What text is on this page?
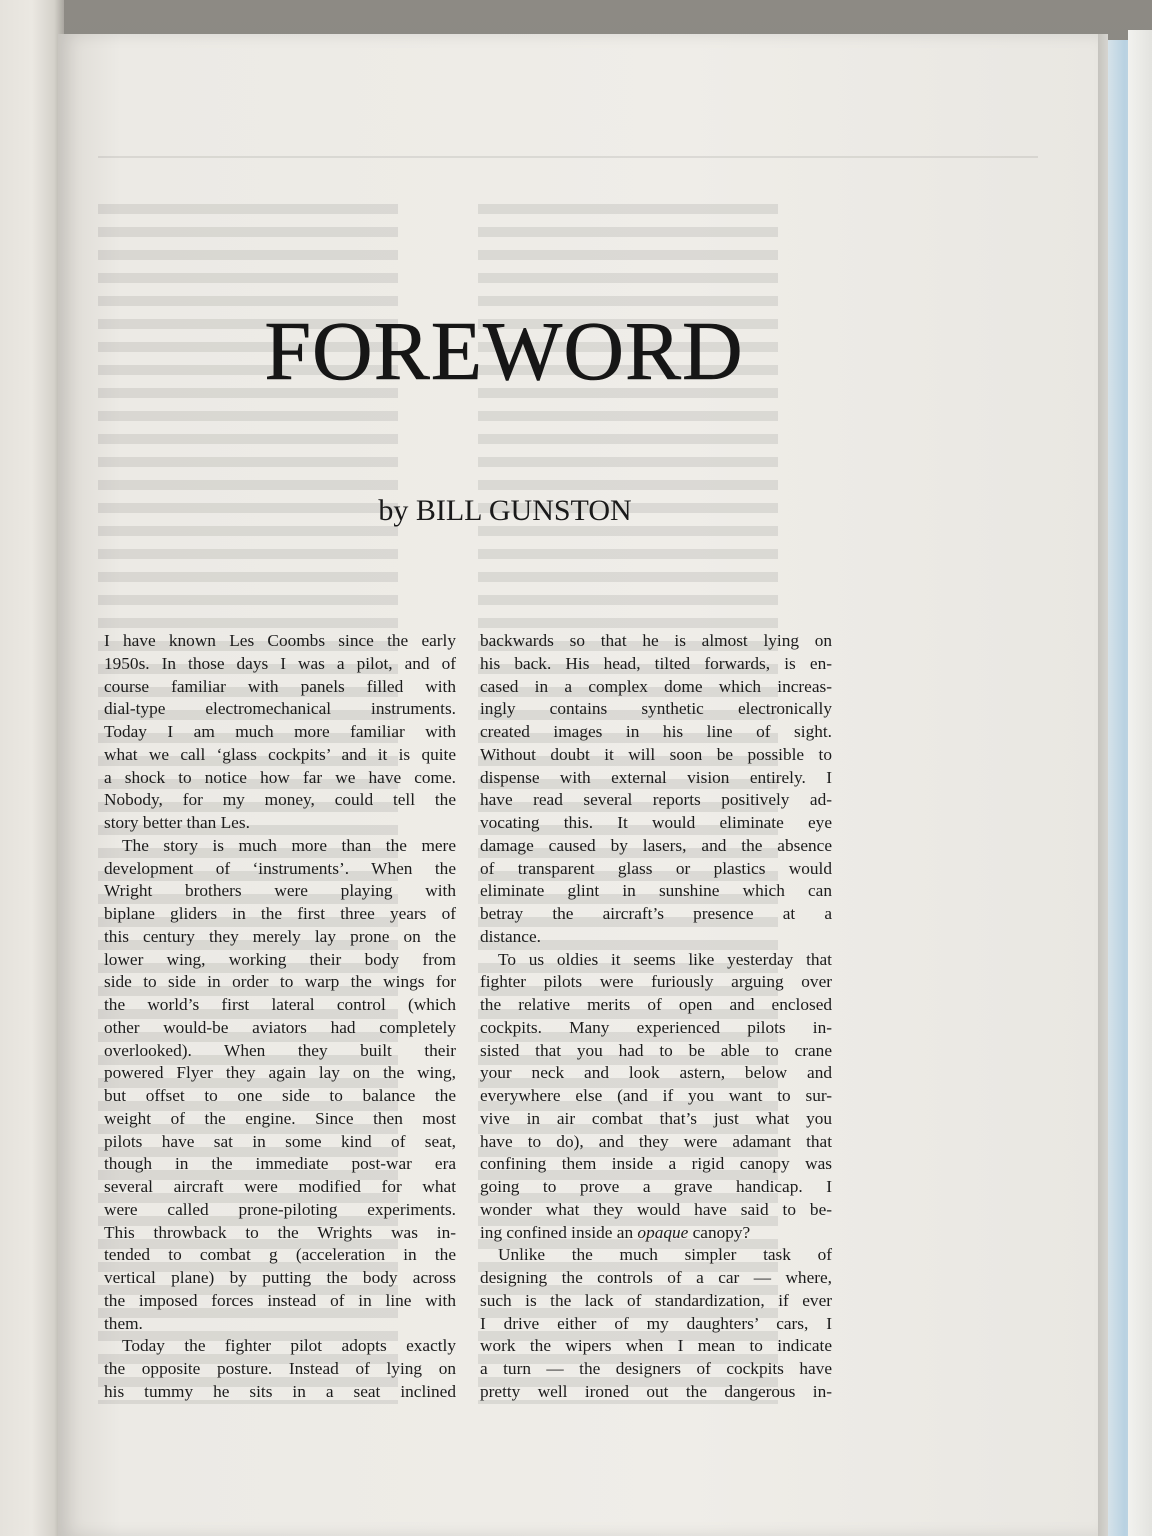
FOREWORD
by BILL GUNSTON
I have known Les Coombs since the early
1950s. In those days I was a pilot, and of
course familiar with panels filled with
dial-type electromechanical instruments.
Today I am much more familiar with
what we call ‘glass cockpits’ and it is quite
a shock to notice how far we have come.
Nobody, for my money, could tell the
story better than Les.
The story is much more than the mere
development of ‘instruments’. When the
Wright brothers were playing with
biplane gliders in the first three years of
this century they merely lay prone on the
lower wing, working their body from
side to side in order to warp the wings for
the world’s first lateral control (which
other would-be aviators had completely
overlooked). When they built their
powered Flyer they again lay on the wing,
but offset to one side to balance the
weight of the engine. Since then most
pilots have sat in some kind of seat,
though in the immediate post-war era
several aircraft were modified for what
were called prone-piloting experiments.
This throwback to the Wrights was in-
tended to combat g (acceleration in the
vertical plane) by putting the body across
the imposed forces instead of in line with
them.
Today the fighter pilot adopts exactly
the opposite posture. Instead of lying on
his tummy he sits in a seat inclined
backwards so that he is almost lying on
his back. His head, tilted forwards, is en-
cased in a complex dome which increas-
ingly contains synthetic electronically
created images in his line of sight.
Without doubt it will soon be possible to
dispense with external vision entirely. I
have read several reports positively ad-
vocating this. It would eliminate eye
damage caused by lasers, and the absence
of transparent glass or plastics would
eliminate glint in sunshine which can
betray the aircraft’s presence at a
distance.
To us oldies it seems like yesterday that
fighter pilots were furiously arguing over
the relative merits of open and enclosed
cockpits. Many experienced pilots in-
sisted that you had to be able to crane
your neck and look astern, below and
everywhere else (and if you want to sur-
vive in air combat that’s just what you
have to do), and they were adamant that
confining them inside a rigid canopy was
going to prove a grave handicap. I
wonder what they would have said to be-
ing confined inside an opaque canopy?
Unlike the much simpler task of
designing the controls of a car — where,
such is the lack of standardization, if ever
I drive either of my daughters’ cars, I
work the wipers when I mean to indicate
a turn — the designers of cockpits have
pretty well ironed out the dangerous in-
